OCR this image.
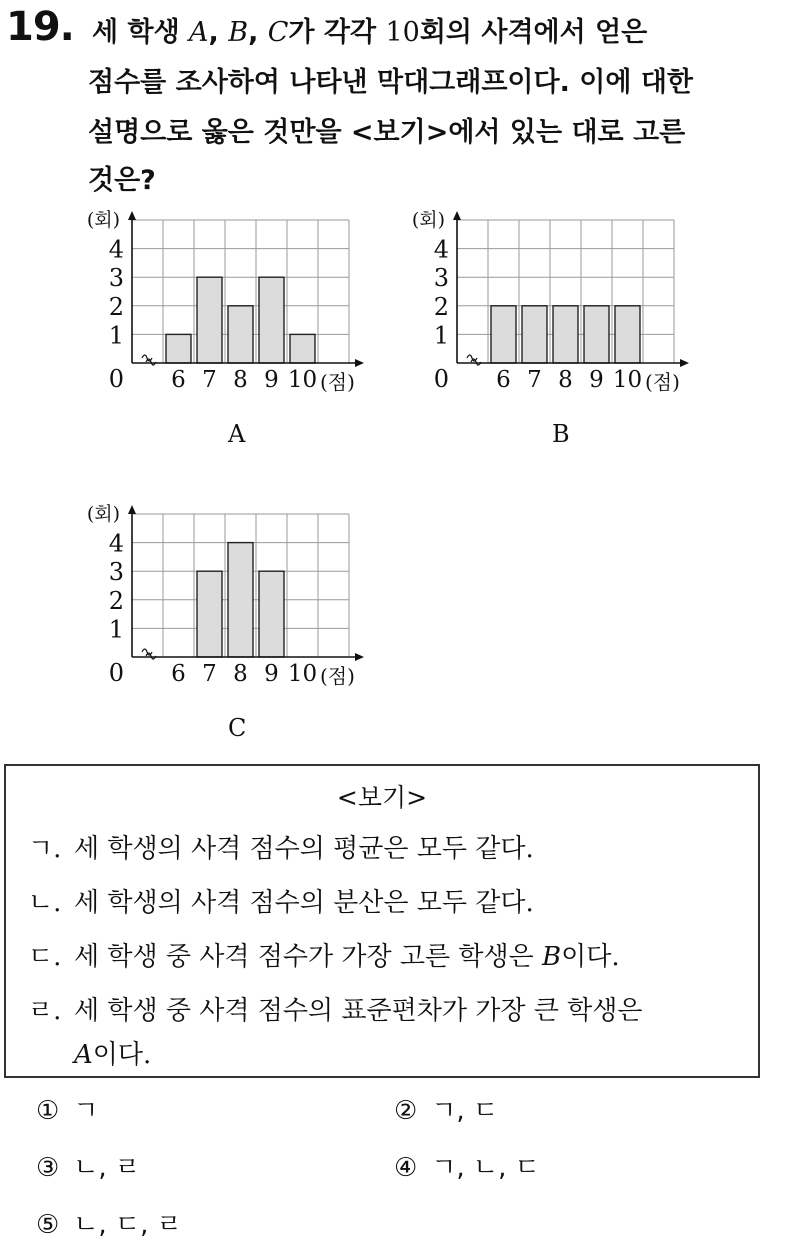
19. 세 학생 A, B, C가 각각 10회의 사격에서 얻은
점수를 조사하여 나타낸 막대그래프이다. 이에 대한
설명으로 옳은 것만을 <보기>에서 있는 대로 고른
것은?
1
2
3
4
(회)
0 6 7 8 9 10 (점)
A
1
2
3
4
(회)
0 6 7 8 9 10 (점)
B
1
2
3
4
(회)
0 6 7 8 9 10 (점)
C
<보기>
ㄱ. 세 학생의 사격 점수의 평균은 모두 같다.
ㄴ. 세 학생의 사격 점수의 분산은 모두 같다.
ㄷ. 세 학생 중 사격 점수가 가장 고른 학생은 B이다.
ㄹ. 세 학생 중 사격 점수의 표준편차가 가장 큰 학생은
A이다.
① ㄱ	② ㄱ, ㄷ
③ ㄴ, ㄹ	④ ㄱ, ㄴ, ㄷ
⑤ ㄴ, ㄷ, ㄹ
